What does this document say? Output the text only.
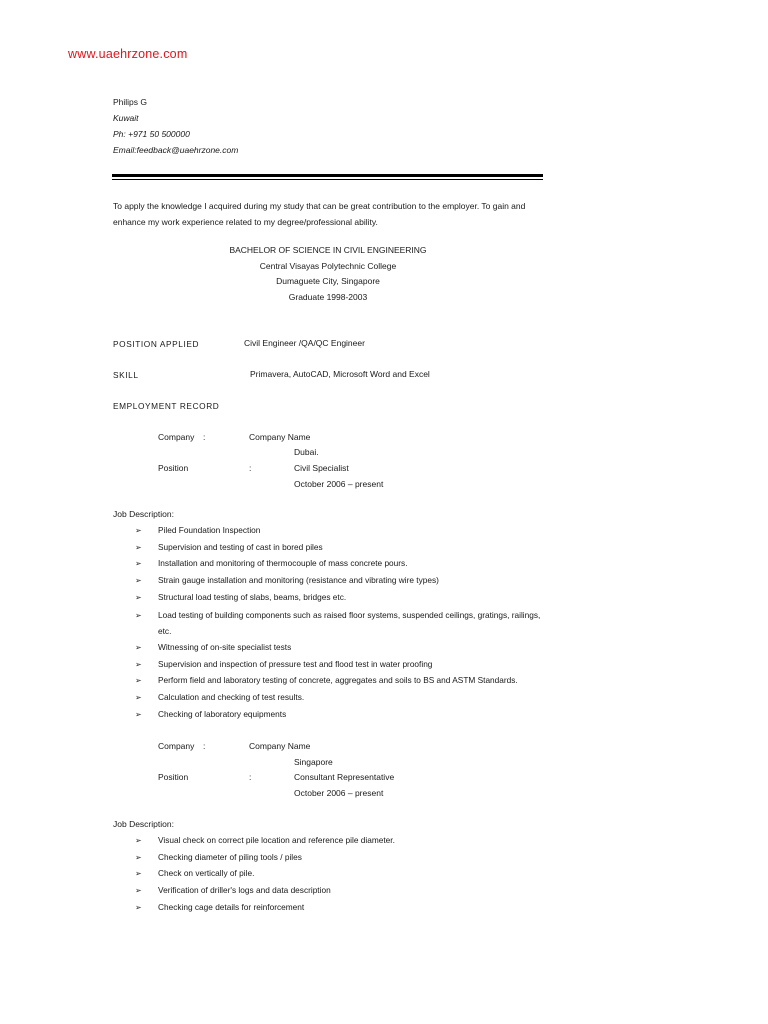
www.uaehrzone.com
Philips G
Kuwait
Ph: +971 50 500000
Email:feedback@uaehrzone.com
To apply the knowledge I acquired during my study that can be great contribution to the employer. To gain and enhance my work experience related to my degree/professional ability.
BACHELOR OF SCIENCE IN CIVIL ENGINEERING
Central Visayas Polytechnic College
Dumaguete City, Singapore
Graduate 1998-2003
POSITION APPLIED	Civil Engineer /QA/QC Engineer
SKILL	Primavera, AutoCAD, Microsoft Word and Excel
EMPLOYMENT RECORD
Company :	Company Name
Dubai.
Position	:	Civil Specialist
October 2006 – present
Job Description:
➢	Piled Foundation Inspection
➢	Supervision and testing of cast in bored piles
➢	Installation and monitoring of thermocouple of mass concrete pours.
➢	Strain gauge installation and monitoring (resistance and vibrating wire types)
➢	Structural load testing of slabs, beams, bridges etc.
➢	Load testing of building components such as raised floor systems, suspended ceilings, gratings, railings, etc.
➢	Witnessing of on-site specialist tests
➢	Supervision and inspection of pressure test and flood test in water proofing
➢	Perform field and laboratory testing of concrete, aggregates and soils to BS and ASTM Standards.
➢	Calculation and checking of test results.
➢	Checking of laboratory equipments
Company :	Company Name
Singapore
Position	:	Consultant Representative
October 2006 – present
Job Description:
➢	Visual check on correct pile location and reference pile diameter.
➢	Checking diameter of piling tools / piles
➢	Check on vertically of pile.
➢	Verification of driller's logs and data description
➢	Checking cage details for reinforcement
